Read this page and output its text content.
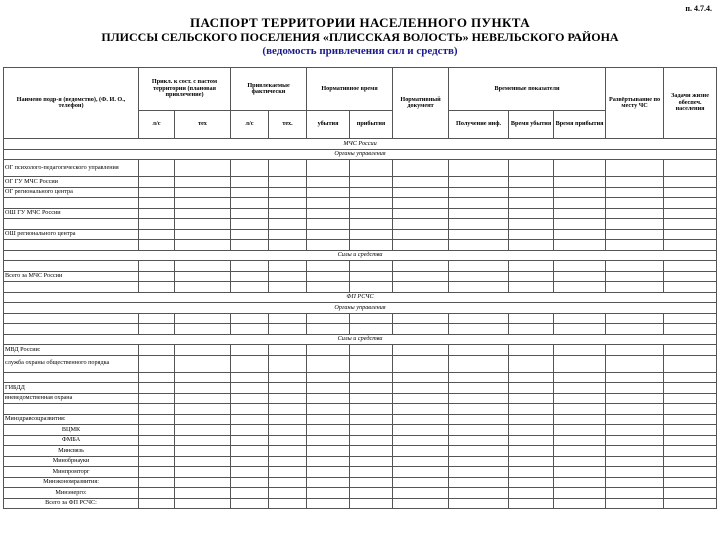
п. 4.7.4.
ПАСПОРТ ТЕРРИТОРИИ НАСЕЛЕННОГО ПУНКТА
ПЛИССЫ СЕЛЬСКОГО ПОСЕЛЕНИЯ «ПЛИССКАЯ ВОЛОСТЬ» НЕВЕЛЬСКОГО РАЙОНА
(ведомость привлечения сил и средств)
Наимено подр-я (ведомство), (Ф. И. О., телефон)	Прикл. к сост. с пастом территории (плановая привлечение)		Привлекаемые фактически		Нормативное время		Нормативный документ	Временные показатели			Развёртывание по месту ЧС	Задачи жизне обеспеч. населения
	л/с	тех	л/с	тех.	убытия	прибытия		Получение инф.	Время убытия	Время прибытия		
МЧС России												
Органы управления												
ОГ психолого-педагогического управления												
ОГ ГУ МЧС России												
ОГ регионального центра												

ОШ ГУ МЧС России												

ОШ регионального центра												

Силы и средства												

Всего за МЧС России												

ФП РСЧС												
Органы управления												

Силы и средства												
МВД России:												
служба охраны общественного порядка												

ГИБДД												
вневедомственная охрана												

Минздравсоцразвития:												
ВЦМК												
ФМБА												
Минсвязь												
Минобрнауки												
Минпромторг												
Минэкономразвития:												
Минэнерго:												
Всего за ФП РСЧС:												
